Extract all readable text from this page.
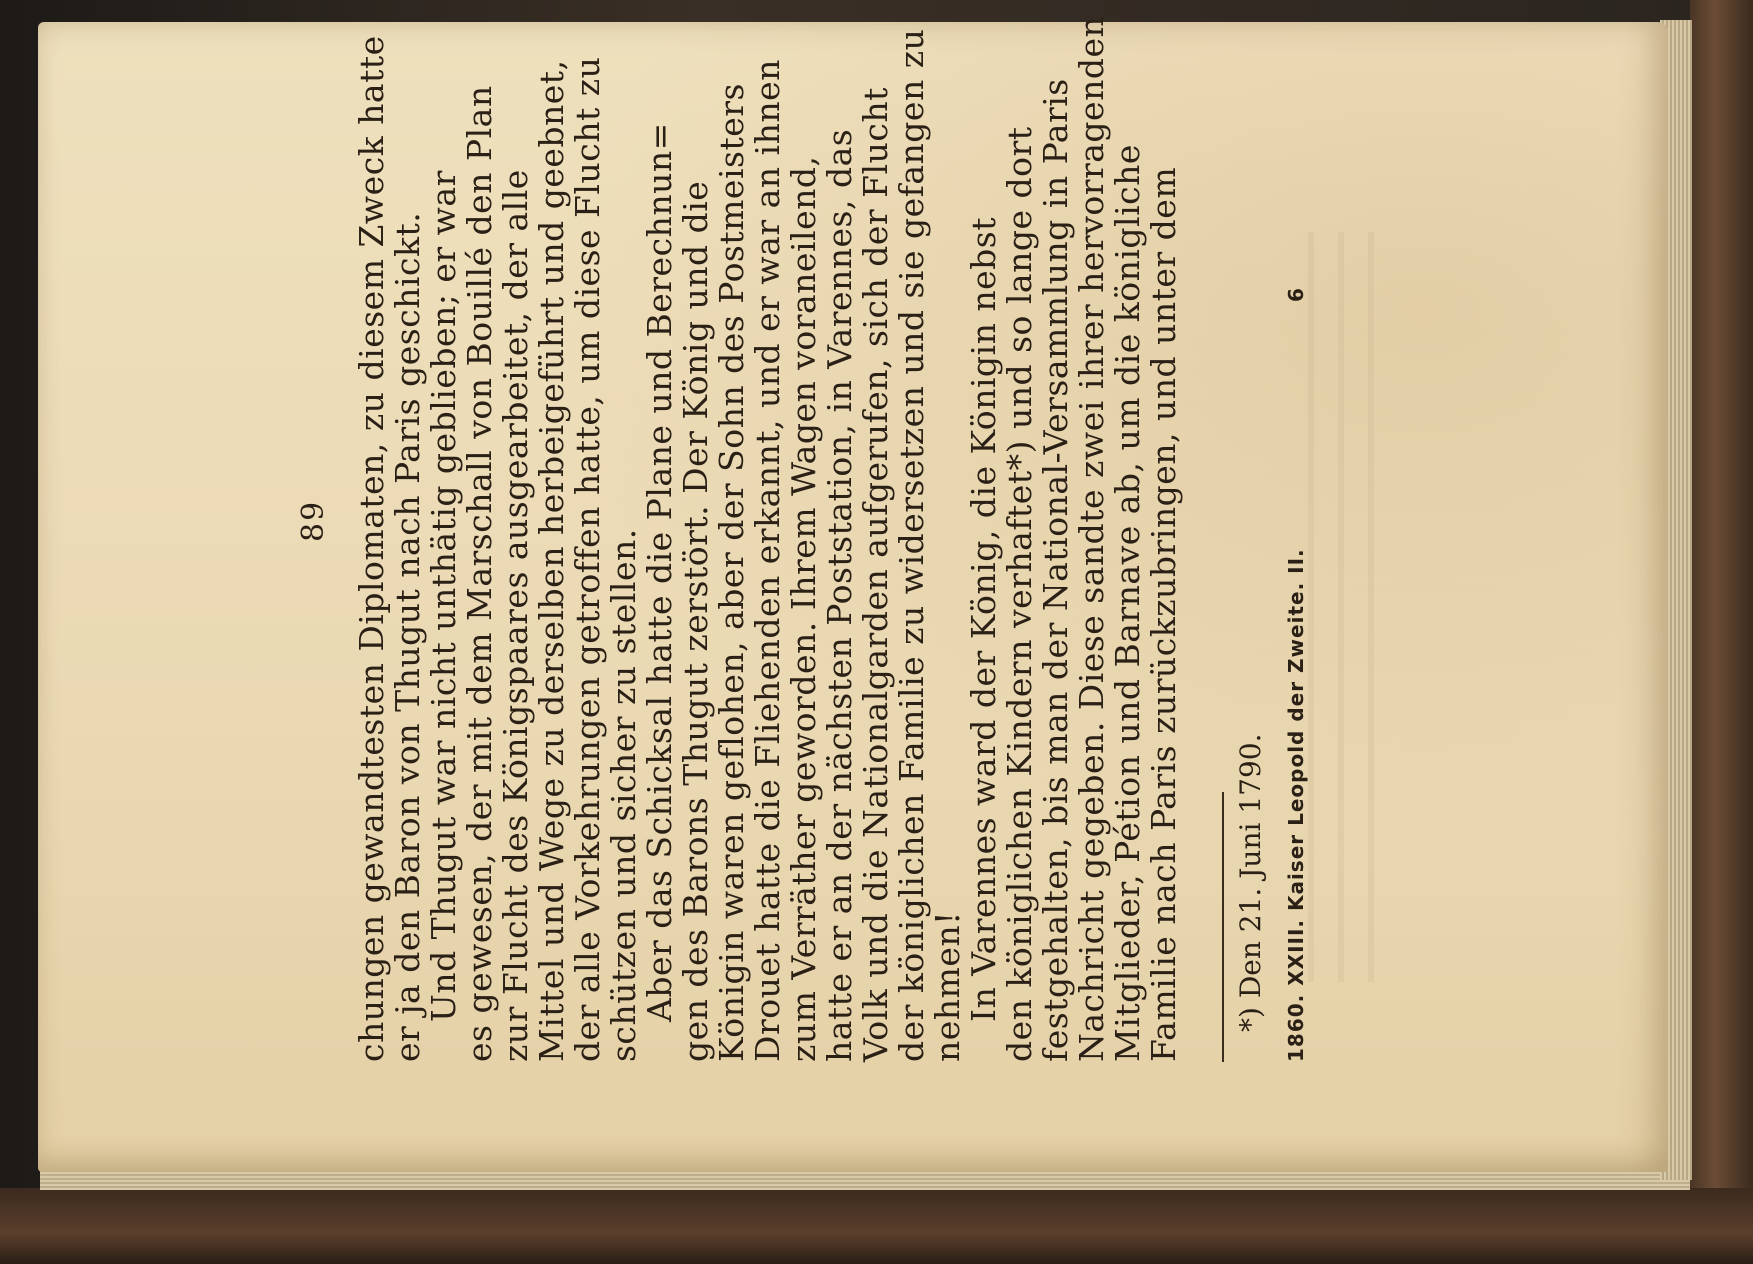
89 chungen gewandtesten Diplomaten, zu diesem Zweck hatte
er ja den Baron von Thugut nach Paris geschickt.
Und Thugut war nicht unthätig geblieben; er war
es gewesen, der mit dem Marschall von Bouillé den Plan
zur Flucht des Königspaares ausgearbeitet, der alle
Mittel und Wege zu derselben herbeigeführt und geebnet,
der alle Vorkehrungen getroffen hatte, um diese Flucht zu
schützen und sicher zu stellen.
Aber das Schicksal hatte die Plane und Berechnun=
gen des Barons Thugut zerstört. Der König und die
Königin waren geflohen, aber der Sohn des Postmeisters
Drouet hatte die Fliehenden erkannt, und er war an ihnen
zum Verräther geworden. Ihrem Wagen voraneilend,
hatte er an der nächsten Poststation, in Varennes, das
Volk und die Nationalgarden aufgerufen, sich der Flucht
der königlichen Familie zu widersetzen und sie gefangen zu
nehmen!
In Varennes ward der König, die Königin nebst
den königlichen Kindern verhaftet*) und so lange dort
festgehalten, bis man der National-Versammlung in Paris
Nachricht gegeben. Diese sandte zwei ihrer hervorragenden
Mitglieder, Pétion und Barnave ab, um die königliche
Familie nach Paris zurückzubringen, und unter dem *) Den 21. Juni 1790. 1860. XXIII. Kaiser Leopold der Zweite. II.
6
